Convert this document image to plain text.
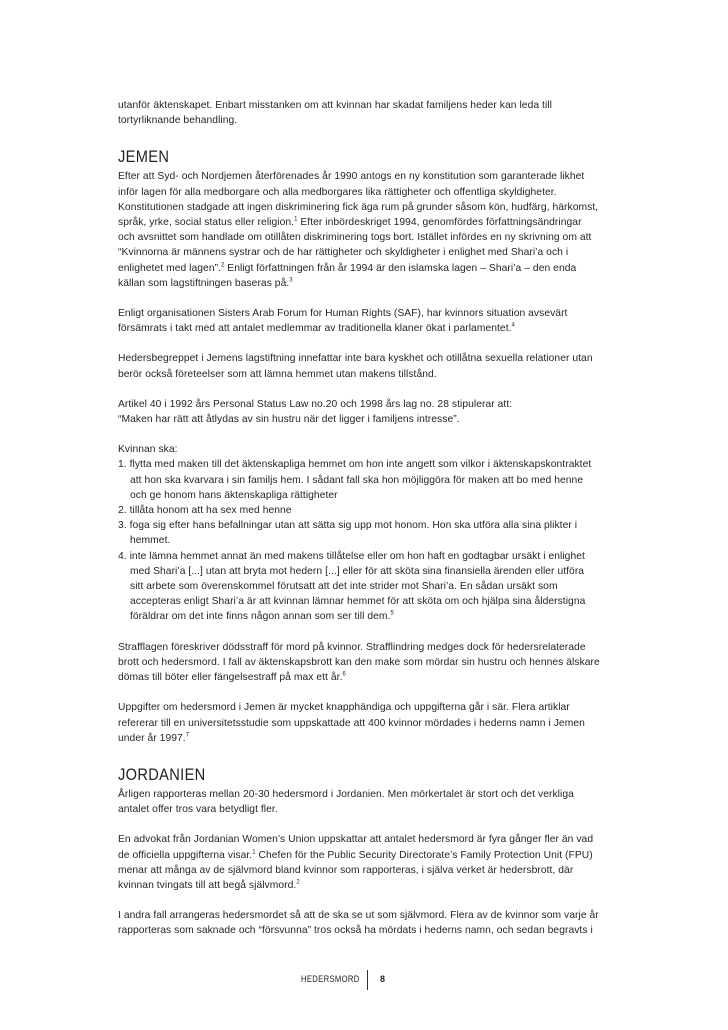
utanför äktenskapet. Enbart misstanken om att kvinnan har skadat familjens heder kan leda till tortyrliknande behandling.

JEMEN

Efter att Syd- och Nordjemen återförenades år 1990 antogs en ny konstitution som garanterade likhet inför lagen för alla medborgare och alla medborgares lika rättigheter och offentliga skyldigheter. Konstitutionen stadgade att ingen diskriminering fick äga rum på grunder såsom kön, hudfärg, härkomst, språk, yrke, social status eller religion.$^1$ Efter inbördeskriget 1994, genomfördes författningsändringar och avsnittet som handlade om otillåten diskriminering togs bort. Istället infördes en ny skrivning om att “Kvinnorna är männens systrar och de har rättigheter och skyldigheter i enlighet med Shari’a och i enlighetet med lagen”.$^2$ Enligt författningen från år 1994 är den islamska lagen – Shari’a – den enda källan som lagstiftningen baseras på.$^3$

Enligt organisationen Sisters Arab Forum for Human Rights (SAF), har kvinnors situation avsevärt försämrats i takt med att antalet medlemmar av traditionella klaner ökat i parlamentet.$^4$

Hedersbegreppet i Jemens lagstiftning innefattar inte bara kyskhet och otillåtna sexuella relationer utan berör också företeelser som att lämna hemmet utan makens tillstånd.

Artikel 40 i 1992 års Personal Status Law no.20 och 1998 års lag no. 28 stipulerar att:
“Maken har rätt att åtlydas av sin hustru när det ligger i familjens intresse”.

Kvinnan ska:

1. flytta med maken till det äktenskapliga hemmet om hon inte angett som vilkor i äktenskapskontraktet att hon ska kvarvara i sin familjs hem. I sådant fall ska hon möjliggöra för maken att bo med henne och ge honom hans äktenskapliga rättigheter

2. tillåta honom att ha sex med henne

3. foga sig efter hans befallningar utan att sätta sig upp mot honom. Hon ska utföra alla sina plikter i hemmet.

4. inte lämna hemmet annat än med makens tillåtelse eller om hon haft en godtagbar ursäkt i enlighet med Shari’a [...] utan att bryta mot hedern [...] eller för att sköta sina finansiella ärenden eller utföra sitt arbete som överenskommel förutsatt att det inte strider mot Shari’a. En sådan ursäkt som accepteras enligt Shari’a är att kvinnan lämnar hemmet för att sköta om och hjälpa sina ålderstigna föräldrar om det inte finns någon annan som ser till dem.$^5$

Strafflagen föreskriver dödsstraff för mord på kvinnor. Strafflindring medges dock för hedersrelaterade brott och hedersmord. I fall av äktenskapsbrott kan den make som mördar sin hustru och hennes älskare dömas till böter eller fängelsestraff på max ett år.$^6$

Uppgifter om hedersmord i Jemen är mycket knapphändiga och uppgifterna går i sär. Flera artiklar refererar till en universitetsstudie som uppskattade att 400 kvinnor mördades i hederns namn i Jemen under år 1997.$^7$

JORDANIEN

Årligen rapporteras mellan 20-30 hedersmord i Jordanien. Men mörkertalet är stort och det verkliga antalet offer tros vara betydligt fler.

En advokat från Jordanian Women’s Union uppskattar att antalet hedersmord är fyra gånger fler än vad de officiella uppgifterna visar.$^1$ Chefen för the Public Security Directorate’s Family Protection Unit (FPU) menar att många av de självmord bland kvinnor som rapporteras, i själva verket är hedersbrott, där kvinnan tvingats till att begå självmord.$^2$

I andra fall arrangeras hedersmordet så att de ska se ut som självmord. Flera av de kvinnor som varje år rapporteras som saknade och “försvunna” tros också ha mördats i hederns namn, och sedan begravts i

HEDERSMORD 8
